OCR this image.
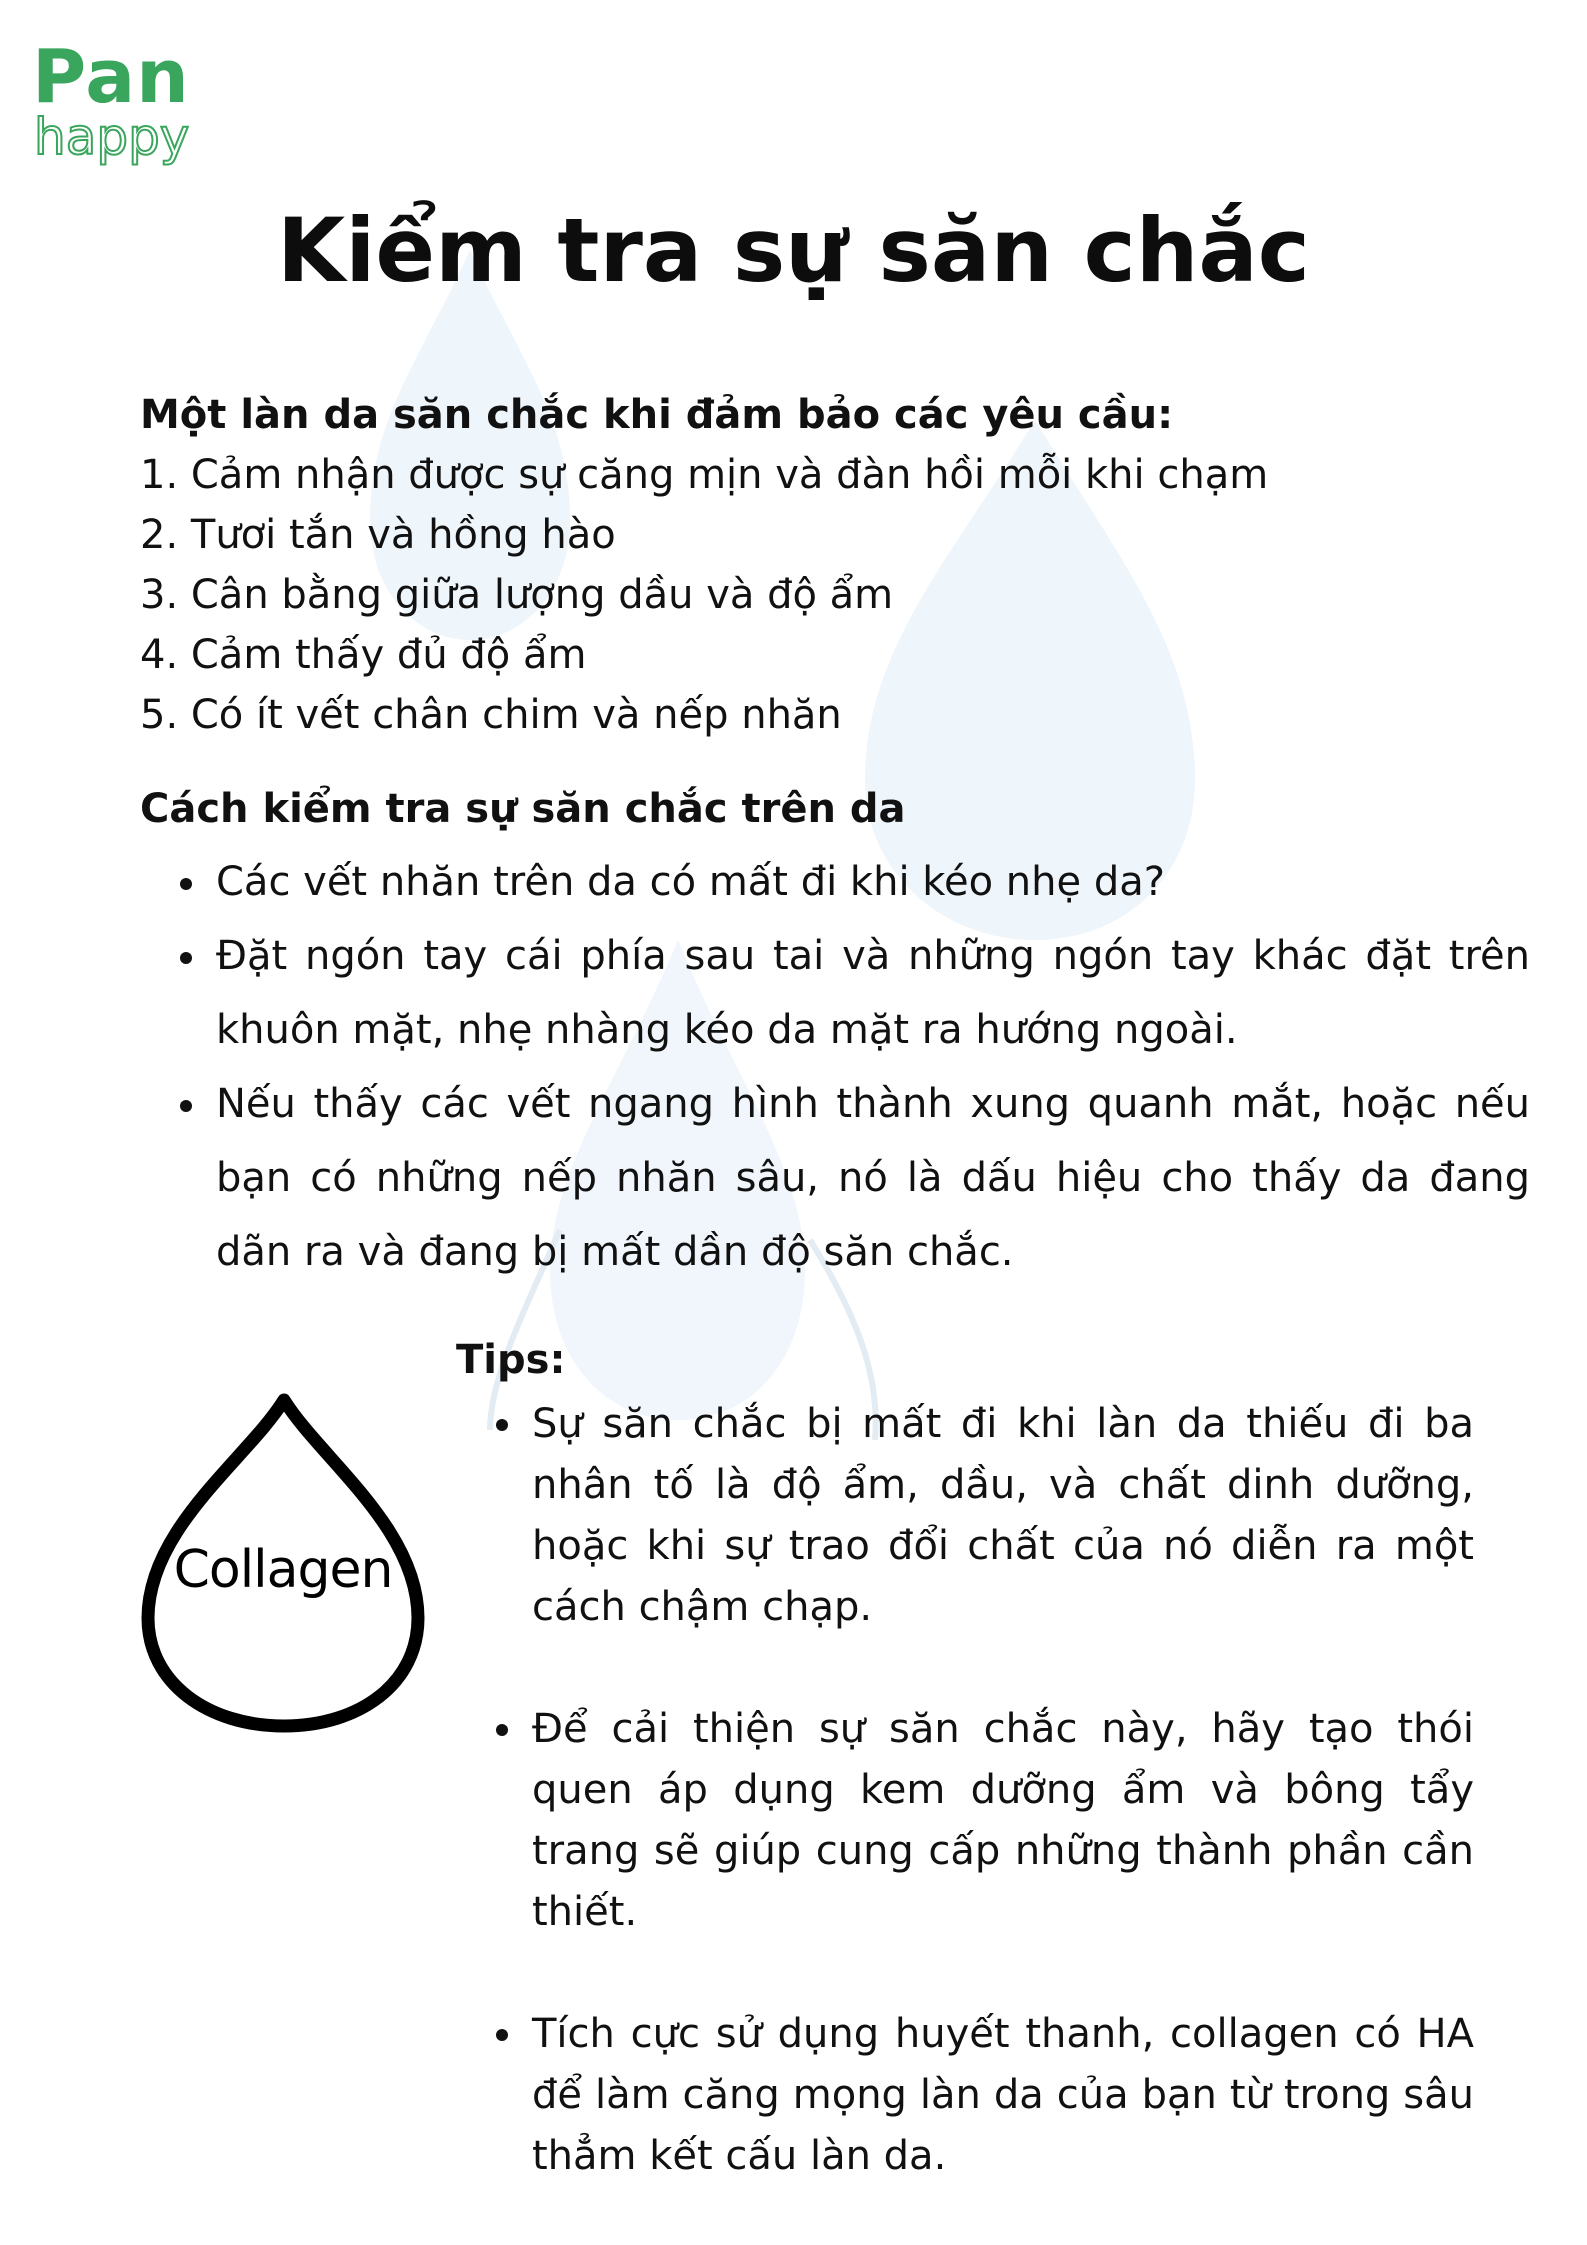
Pan
happy
Kiểm tra sự săn chắc

Một làn da săn chắc khi đảm bảo các yêu cầu:

1. Cảm nhận được sự căng mịn và đàn hồi mỗi khi chạm
2. Tươi tắn và hồng hào
3. Cân bằng giữa lượng dầu và độ ẩm
4. Cảm thấy đủ độ ẩm
5. Có ít vết chân chim và nếp nhăn

Cách kiểm tra sự săn chắc trên da

Các vết nhăn trên da có mất đi khi kéo nhẹ da?
Đặt ngón tay cái phía sau tai và những ngón tay khác đặt trên khuôn mặt, nhẹ nhàng kéo da mặt ra hướng ngoài.
Nếu thấy các vết ngang hình thành xung quanh mắt, hoặc nếu bạn có những nếp nhăn sâu, nó là dấu hiệu cho thấy da đang dãn ra và đang bị mất dần độ săn chắc.
Collagen

Tips:

Sự săn chắc bị mất đi khi làn da thiếu đi ba nhân tố là độ ẩm, dầu, và chất dinh dưỡng, hoặc khi sự trao đổi chất của nó diễn ra một cách chậm chạp.
Để cải thiện sự săn chắc này, hãy tạo thói quen áp dụng kem dưỡng ẩm và bông tẩy trang sẽ giúp cung cấp những thành phần cần thiết.
Tích cực sử dụng huyết thanh, collagen có HA để làm căng mọng làn da của bạn từ trong sâu thẳm kết cấu làn da.
